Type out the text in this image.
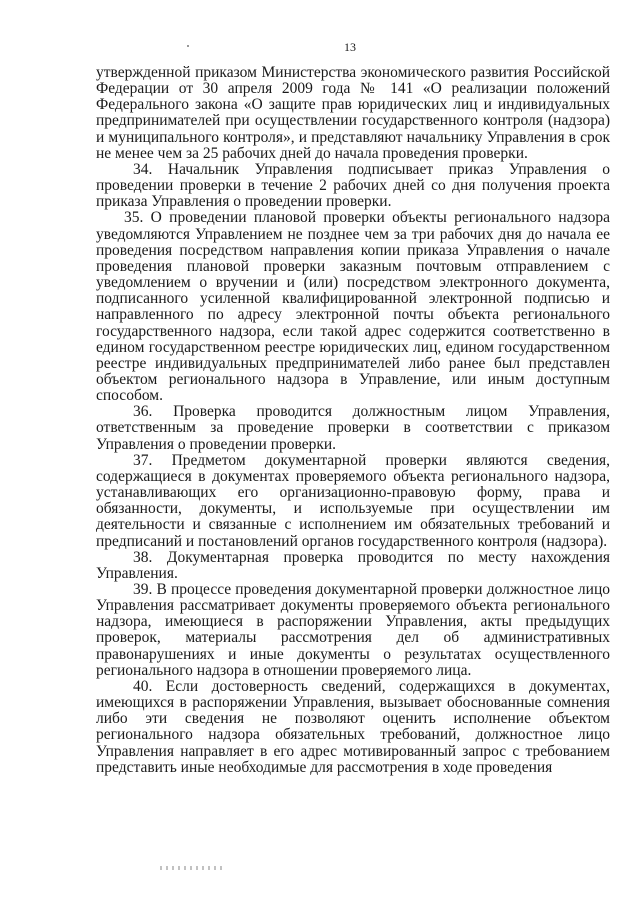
13

утвержденной приказом Министерства экономического развития Российской Федерации от 30 апреля 2009 года № 141 «О реализации положений Федерального закона «О защите прав юридических лиц и индивидуальных предпринимателей при осуществлении государственного контроля (надзора) и муниципального контроля», и представляют начальнику Управления в срок не менее чем за 25 рабочих дней до начала проведения проверки.

34. Начальник Управления подписывает приказ Управления о проведении проверки в течение 2 рабочих дней со дня получения проекта приказа Управления о проведении проверки.

35. О проведении плановой проверки объекты регионального надзора уведомляются Управлением не позднее чем за три рабочих дня до начала ее проведения посредством направления копии приказа Управления о начале проведения плановой проверки заказным почтовым отправлением с уведомлением о вручении и (или) посредством электронного документа, подписанного усиленной квалифицированной электронной подписью и направленного по адресу электронной почты объекта регионального государственного надзора, если такой адрес содержится соответственно в едином государственном реестре юридических лиц, едином государственном реестре индивидуальных предпринимателей либо ранее был представлен объектом регионального надзора в Управление, или иным доступным способом.

36. Проверка проводится должностным лицом Управления, ответственным за проведение проверки в соответствии с приказом Управления о проведении проверки.

37. Предметом документарной проверки являются сведения, содержащиеся в документах проверяемого объекта регионального надзора, устанавливающих его организационно-правовую форму, права и обязанности, документы, и используемые при осуществлении им деятельности и связанные с исполнением им обязательных требований и предписаний и постановлений органов государственного контроля (надзора).

38. Документарная проверка проводится по месту нахождения Управления.

39. В процессе проведения документарной проверки должностное лицо Управления рассматривает документы проверяемого объекта регионального надзора, имеющиеся в распоряжении Управления, акты предыдущих проверок, материалы рассмотрения дел об административных правонарушениях и иные документы о результатах осуществленного регионального надзора в отношении проверяемого лица.

40. Если достоверность сведений, содержащихся в документах, имеющихся в распоряжении Управления, вызывает обоснованные сомнения либо эти сведения не позволяют оценить исполнение объектом регионального надзора обязательных требований, должностное лицо Управления направляет в его адрес мотивированный запрос с требованием представить иные необходимые для рассмотрения в ходе проведения
